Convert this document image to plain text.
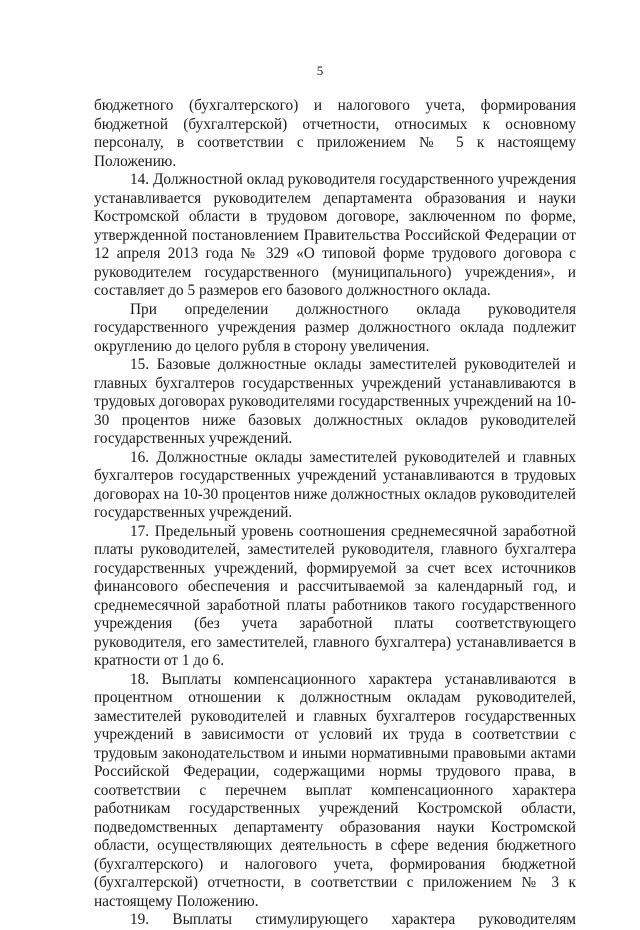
5

бюджетного (бухгалтерского) и налогового учета, формирования бюджетной (бухгалтерской) отчетности, относимых к основному персоналу, в соответствии с приложением № 5 к настоящему Положению.

14. Должностной оклад руководителя государственного учреждения устанавливается руководителем департамента образования и науки Костромской области в трудовом договоре, заключенном по форме, утвержденной постановлением Правительства Российской Федерации от 12 апреля 2013 года № 329 «О типовой форме трудового договора с руководителем государственного (муниципального) учреждения», и составляет до 5 размеров его базового должностного оклада.

При определении должностного оклада руководителя государственного учреждения размер должностного оклада подлежит округлению до целого рубля в сторону увеличения.

15. Базовые должностные оклады заместителей руководителей и главных бухгалтеров государственных учреждений устанавливаются в трудовых договорах руководителями государственных учреждений на 10-30 процентов ниже базовых должностных окладов руководителей государственных учреждений.

16. Должностные оклады заместителей руководителей и главных бухгалтеров государственных учреждений устанавливаются в трудовых договорах на 10-30 процентов ниже должностных окладов руководителей государственных учреждений.

17. Предельный уровень соотношения среднемесячной заработной платы руководителей, заместителей руководителя, главного бухгалтера государственных учреждений, формируемой за счет всех источников финансового обеспечения и рассчитываемой за календарный год, и среднемесячной заработной платы работников такого государственного учреждения (без учета заработной платы соответствующего руководителя, его заместителей, главного бухгалтера) устанавливается в кратности от 1 до 6.

18. Выплаты компенсационного характера устанавливаются в процентном отношении к должностным окладам руководителей, заместителей руководителей и главных бухгалтеров государственных учреждений в зависимости от условий их труда в соответствии с трудовым законодательством и иными нормативными правовыми актами Российской Федерации, содержащими нормы трудового права, в соответствии с перечнем выплат компенсационного характера работникам государственных учреждений Костромской области, подведомственных департаменту образования науки Костромской области, осуществляющих деятельность в сфере ведения бюджетного (бухгалтерского) и налогового учета, формирования бюджетной (бухгалтерской) отчетности, в соответствии с приложением № 3 к настоящему Положению.

19. Выплаты стимулирующего характера руководителям
